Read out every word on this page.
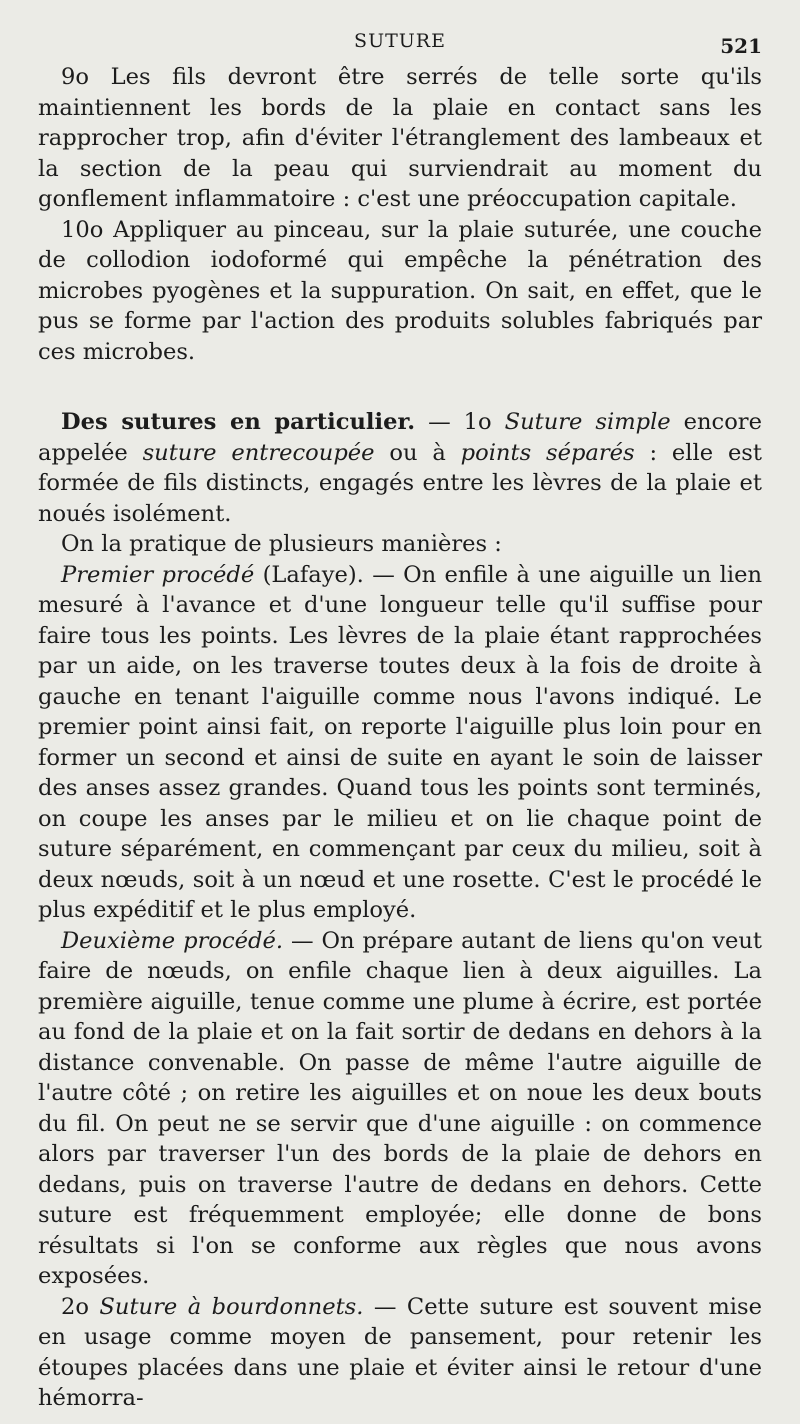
SUTURE	521

9o Les fils devront être serrés de telle sorte qu'ils maintiennent les bords de la plaie en contact sans les rapprocher trop, afin d'éviter l'étranglement des lambeaux et la section de la peau qui surviendrait au moment du gonflement inflammatoire : c'est une préoccupation capitale.

10o Appliquer au pinceau, sur la plaie suturée, une couche de collodion iodoformé qui empêche la pénétration des microbes pyogènes et la suppuration. On sait, en effet, que le pus se forme par l'action des produits solubles fabriqués par ces microbes.

Des sutures en particulier. — 1o Suture simple encore appelée suture entrecoupée ou à points séparés : elle est formée de fils distincts, engagés entre les lèvres de la plaie et noués isolément.

On la pratique de plusieurs manières :

Premier procédé (Lafaye). — On enfile à une aiguille un lien mesuré à l'avance et d'une longueur telle qu'il suffise pour faire tous les points. Les lèvres de la plaie étant rapprochées par un aide, on les traverse toutes deux à la fois de droite à gauche en tenant l'aiguille comme nous l'avons indiqué. Le premier point ainsi fait, on reporte l'aiguille plus loin pour en former un second et ainsi de suite en ayant le soin de laisser des anses assez grandes. Quand tous les points sont terminés, on coupe les anses par le milieu et on lie chaque point de suture séparément, en commençant par ceux du milieu, soit à deux nœuds, soit à un nœud et une rosette. C'est le procédé le plus expéditif et le plus employé.

Deuxième procédé. — On prépare autant de liens qu'on veut faire de nœuds, on enfile chaque lien à deux aiguilles. La première aiguille, tenue comme une plume à écrire, est portée au fond de la plaie et on la fait sortir de dedans en dehors à la distance convenable. On passe de même l'autre aiguille de l'autre côté ; on retire les aiguilles et on noue les deux bouts du fil. On peut ne se servir que d'une aiguille : on commence alors par traverser l'un des bords de la plaie de dehors en dedans, puis on traverse l'autre de dedans en dehors. Cette suture est fréquemment employée; elle donne de bons résultats si l'on se conforme aux règles que nous avons exposées.

2o Suture à bourdonnets. — Cette suture est souvent mise en usage comme moyen de pansement, pour retenir les étoupes placées dans une plaie et éviter ainsi le retour d'une hémorra-
